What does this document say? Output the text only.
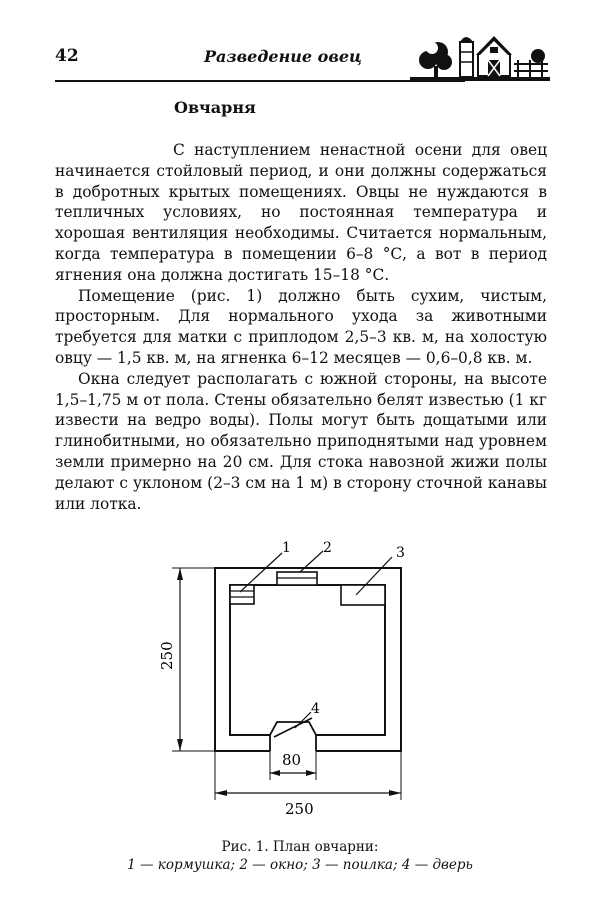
42	Разведение овец
Овчарня

С наступлением ненастной осени для овец начинается стойловый период, и они должны содержаться в добротных крытых помещениях. Овцы не нуждаются в тепличных условиях, но постоянная температура и хорошая вентиляция необходимы. Считается нормальным, когда температура в помещении 6–8 °С, а вот в период ягнения она должна достигать 15–18 °С.

Помещение (рис. 1) должно быть сухим, чистым, просторным. Для нормального ухода за животными требуется для матки с приплодом 2,5–3 кв. м, на холостую овцу — 1,5 кв. м, на ягненка 6–12 месяцев — 0,6–0,8 кв. м.

Окна следует располагать с южной стороны, на высоте 1,5–1,75 м от пола. Стены обязательно белят известью (1 кг извести на ведро воды). Полы могут быть дощатыми или глинобитными, но обязательно приподнятыми над уровнем земли примерно на 20 см. Для стока навозной жижи полы делают с уклоном (2–3 см на 1 м) в сторону сточной канавы или лотка.

1 2	3
4
250
80
250
Рис. 1. План овчарни:
1 — кормушка; 2 — окно; 3 — поилка; 4 — дверь
